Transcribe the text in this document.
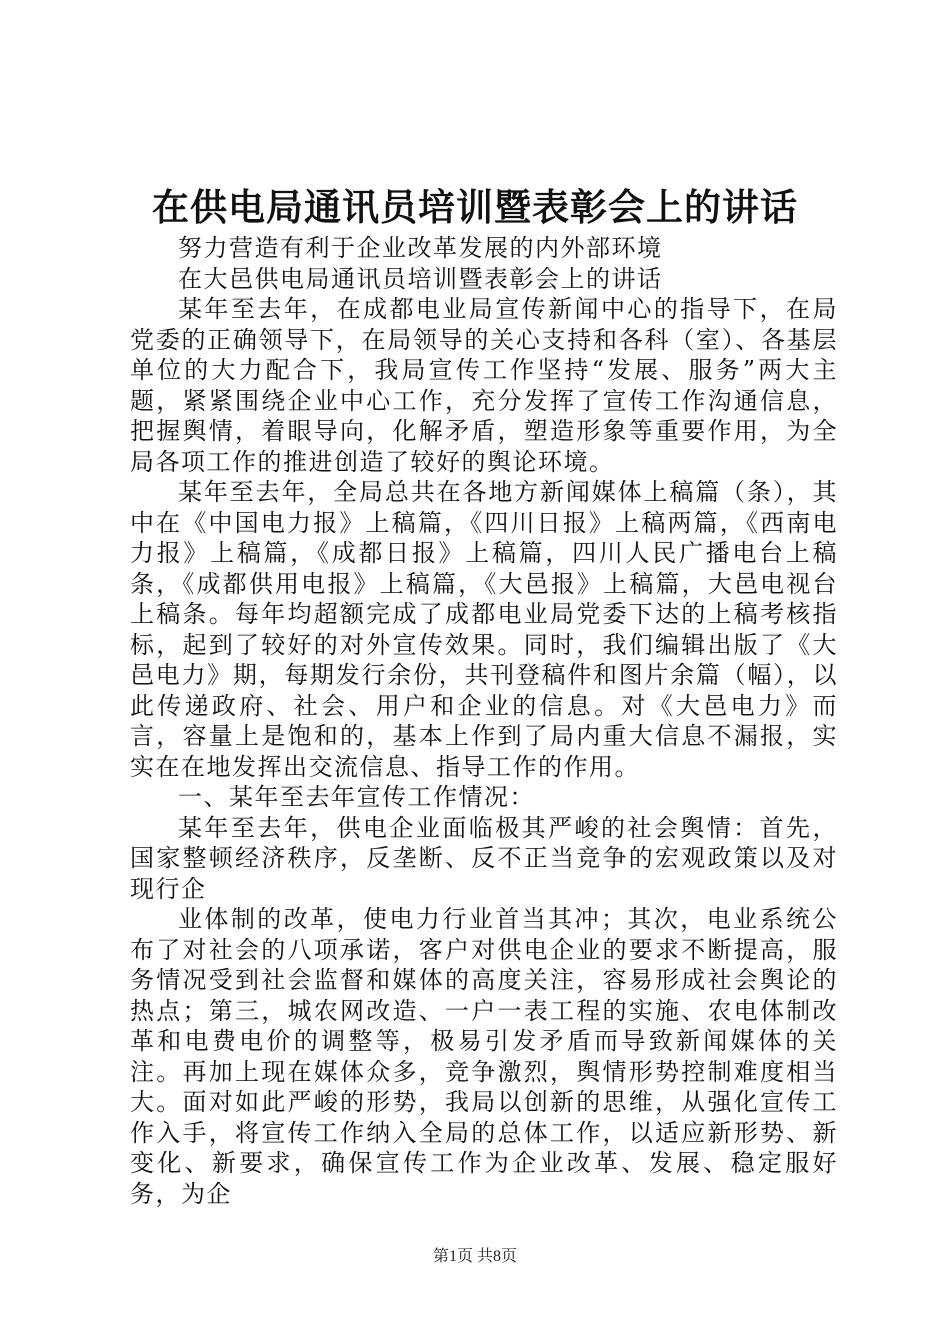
在供电局通讯员培训暨表彰会上的讲话

努力营造有利于企业改革发展的内外部环境

在大邑供电局通讯员培训暨表彰会上的讲话

某年至去年，在成都电业局宣传新闻中心的指导下，在局党委的正确领导下，在局领导的关心支持和各科（室）、各基层单位的大力配合下，我局宣传工作坚持“发展、服务”两大主题，紧紧围绕企业中心工作，充分发挥了宣传工作沟通信息，把握舆情，着眼导向，化解矛盾，塑造形象等重要作用，为全局各项工作的推进创造了较好的舆论环境。

某年至去年，全局总共在各地方新闻媒体上稿篇（条），其中在《中国电力报》上稿篇，《四川日报》上稿两篇，《西南电力报》上稿篇，《成都日报》上稿篇，四川人民广播电台上稿条，《成都供用电报》上稿篇，《大邑报》上稿篇，大邑电视台上稿条。每年均超额完成了成都电业局党委下达的上稿考核指标，起到了较好的对外宣传效果。同时，我们编辑出版了《大邑电力》期，每期发行余份，共刊登稿件和图片余篇（幅），以此传递政府、社会、用户和企业的信息。对《大邑电力》而言，容量上是饱和的，基本上作到了局内重大信息不漏报，实实在在地发挥出交流信息、指导工作的作用。

一、某年至去年宣传工作情况：

某年至去年，供电企业面临极其严峻的社会舆情：首先，国家整顿经济秩序，反垄断、反不正当竞争的宏观政策以及对现行企

业体制的改革，使电力行业首当其冲；其次，电业系统公布了对社会的八项承诺，客户对供电企业的要求不断提高，服务情况受到社会监督和媒体的高度关注，容易形成社会舆论的热点；第三，城农网改造、一户一表工程的实施、农电体制改革和电费电价的调整等，极易引发矛盾而导致新闻媒体的关注。再加上现在媒体众多，竞争激烈，舆情形势控制难度相当大。面对如此严峻的形势，我局以创新的思维，从强化宣传工作入手，将宣传工作纳入全局的总体工作，以适应新形势、新变化、新要求，确保宣传工作为企业改革、发展、稳定服好务，为企

第1页 共8页
